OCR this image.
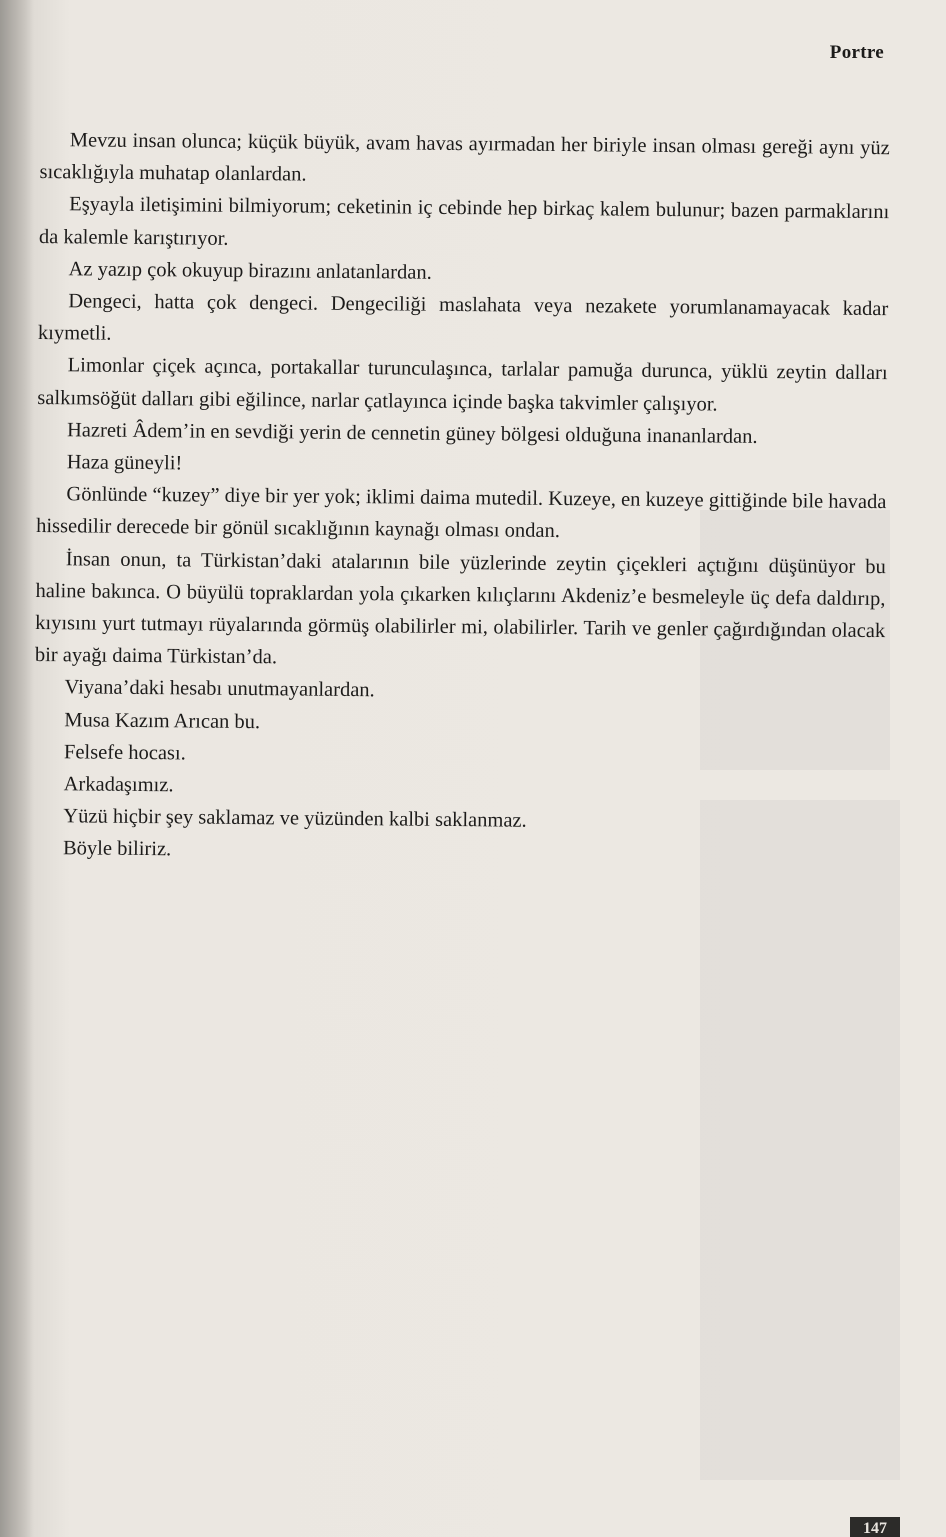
Portre

Mevzu insan olunca; küçük büyük, avam havas ayırmadan her biriyle insan olması gereği aynı yüz sıcaklığıyla muhatap olanlardan.

Eşyayla iletişimini bilmiyorum; ceketinin iç cebinde hep birkaç kalem bulunur; bazen parmaklarını da kalemle karıştırıyor.

Az yazıp çok okuyup birazını anlatanlardan.

Dengeci, hatta çok dengeci. Dengeciliği maslahata veya nezakete yorumlanamayacak kadar kıymetli.

Limonlar çiçek açınca, portakallar turunculaşınca, tarlalar pamuğa durunca, yüklü zeytin dalları salkımsöğüt dalları gibi eğilince, narlar çatlayınca içinde başka takvimler çalışıyor.

Hazreti Âdem’in en sevdiği yerin de cennetin güney bölgesi olduğuna inananlardan.

Haza güneyli!

Gönlünde “kuzey” diye bir yer yok; iklimi daima mutedil. Kuzeye, en kuzeye gittiğinde bile havada hissedilir derecede bir gönül sıcaklığının kaynağı olması ondan.

İnsan onun, ta Türkistan’daki atalarının bile yüzlerinde zeytin çiçekleri açtığını düşünüyor bu haline bakınca. O büyülü topraklardan yola çıkarken kılıçlarını Akdeniz’e besmeleyle üç defa daldırıp, kıyısını yurt tutmayı rüyalarında görmüş olabilirler mi, olabilirler. Tarih ve genler çağırdığından olacak bir ayağı daima Türkistan’da.

Viyana’daki hesabı unutmayanlardan.

Musa Kazım Arıcan bu.

Felsefe hocası.

Arkadaşımız.

Yüzü hiçbir şey saklamaz ve yüzünden kalbi saklanmaz.

Böyle biliriz.

147
